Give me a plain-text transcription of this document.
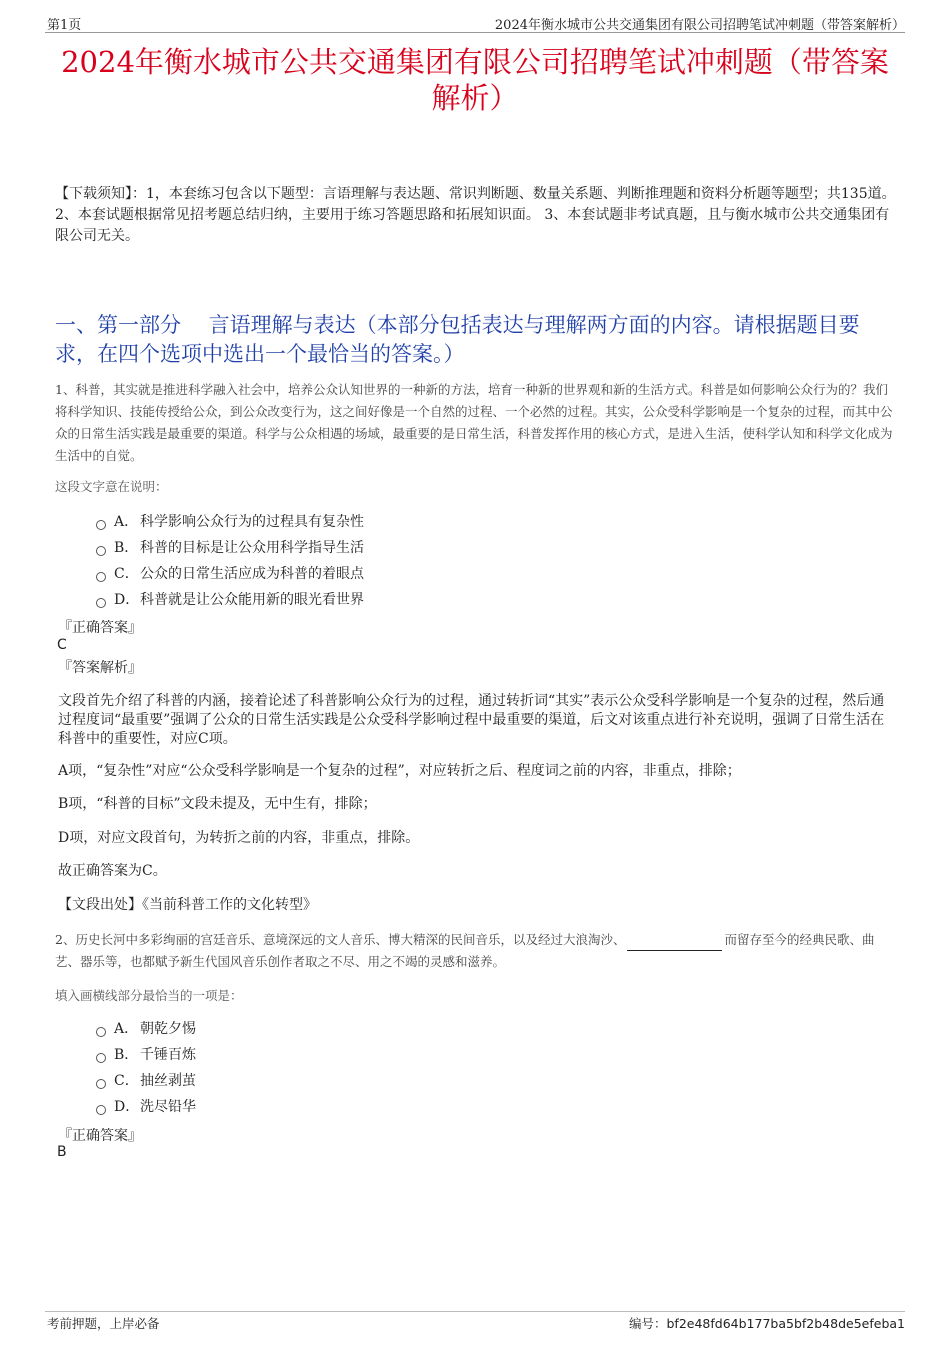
第1页	2024年衡水城市公共交通集团有限公司招聘笔试冲刺题（带答案解析）
2024年衡水城市公共交通集团有限公司招聘笔试冲刺题（带答案解析）
【下载须知】：1，本套练习包含以下题型：言语理解与表达题、常识判断题、数量关系题、判断推理题和资料分析题等题型；共135道。 2、本套试题根据常见招考题总结归纳，主要用于练习答题思路和拓展知识面。 3、本套试题非考试真题，且与衡水城市公共交通集团有限公司无关。
一、第一部分　 言语理解与表达（本部分包括表达与理解两方面的内容。请根据题目要求，在四个选项中选出一个最恰当的答案。）
1、科普，其实就是推进科学融入社会中，培养公众认知世界的一种新的方法，培育一种新的世界观和新的生活方式。科普是如何影响公众行为的？我们将科学知识、技能传授给公众，到公众改变行为，这之间好像是一个自然的过程、一个必然的过程。其实，公众受科学影响是一个复杂的过程，而其中公众的日常生活实践是最重要的渠道。科学与公众相遇的场域，最重要的是日常生活，科普发挥作用的核心方式，是进入生活，使科学认知和科学文化成为生活中的自觉。
这段文字意在说明：
A． 科学影响公众行为的过程具有复杂性
B． 科普的目标是让公众用科学指导生活
C． 公众的日常生活应成为科普的着眼点
D． 科普就是让公众能用新的眼光看世界
『正确答案』
C
『答案解析』
文段首先介绍了科普的内涵，接着论述了科普影响公众行为的过程，通过转折词“其实”表示公众受科学影响是一个复杂的过程，然后通过程度词“最重要”强调了公众的日常生活实践是公众受科学影响过程中最重要的渠道，后文对该重点进行补充说明，强调了日常生活在科普中的重要性，对应C项。
A项，“复杂性”对应“公众受科学影响是一个复杂的过程”，对应转折之后、程度词之前的内容，非重点，排除；
B项，“科普的目标”文段未提及，无中生有，排除；
D项，对应文段首句，为转折之前的内容，非重点，排除。
故正确答案为C。
【文段出处】《当前科普工作的文化转型》
2、历史长河中多彩绚丽的宫廷音乐、意境深远的文人音乐、博大精深的民间音乐，以及经过大浪淘沙、	而留存至今的经典民歌、曲艺、器乐等，也都赋予新生代国风音乐创作者取之不尽、用之不竭的灵感和滋养。
填入画横线部分最恰当的一项是：
A． 朝乾夕惕
B． 千锤百炼
C． 抽丝剥茧
D． 洗尽铅华
『正确答案』
B
考前押题，上岸必备	编号：bf2e48fd64b177ba5bf2b48de5efeba1
